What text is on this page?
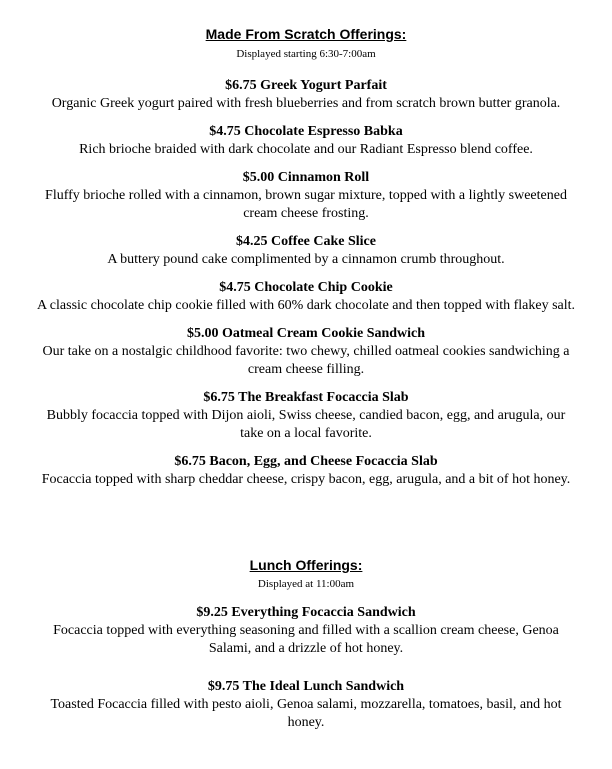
Made From Scratch Offerings:

Displayed starting 6:30-7:00am

$6.75 Greek Yogurt Parfait

Organic Greek yogurt paired with fresh blueberries and from scratch brown butter granola.

$4.75 Chocolate Espresso Babka

Rich brioche braided with dark chocolate and our Radiant Espresso blend coffee.

$5.00 Cinnamon Roll

Fluffy brioche rolled with a cinnamon, brown sugar mixture, topped with a lightly sweetened cream cheese frosting.

$4.25 Coffee Cake Slice

A buttery pound cake complimented by a cinnamon crumb throughout.

$4.75 Chocolate Chip Cookie

A classic chocolate chip cookie filled with 60% dark chocolate and then topped with flakey salt.

$5.00 Oatmeal Cream Cookie Sandwich

Our take on a nostalgic childhood favorite: two chewy, chilled oatmeal cookies sandwiching a cream cheese filling.

$6.75 The Breakfast Focaccia Slab

Bubbly focaccia topped with Dijon aioli, Swiss cheese, candied bacon, egg, and arugula, our take on a local favorite.

$6.75 Bacon, Egg, and Cheese Focaccia Slab

Focaccia topped with sharp cheddar cheese, crispy bacon, egg, arugula, and a bit of hot honey.

Lunch Offerings:

Displayed at 11:00am

$9.25 Everything Focaccia Sandwich

Focaccia topped with everything seasoning and filled with a scallion cream cheese, Genoa Salami, and a drizzle of hot honey.

$9.75 The Ideal Lunch Sandwich

Toasted Focaccia filled with pesto aioli, Genoa salami, mozzarella, tomatoes, basil, and hot honey.
